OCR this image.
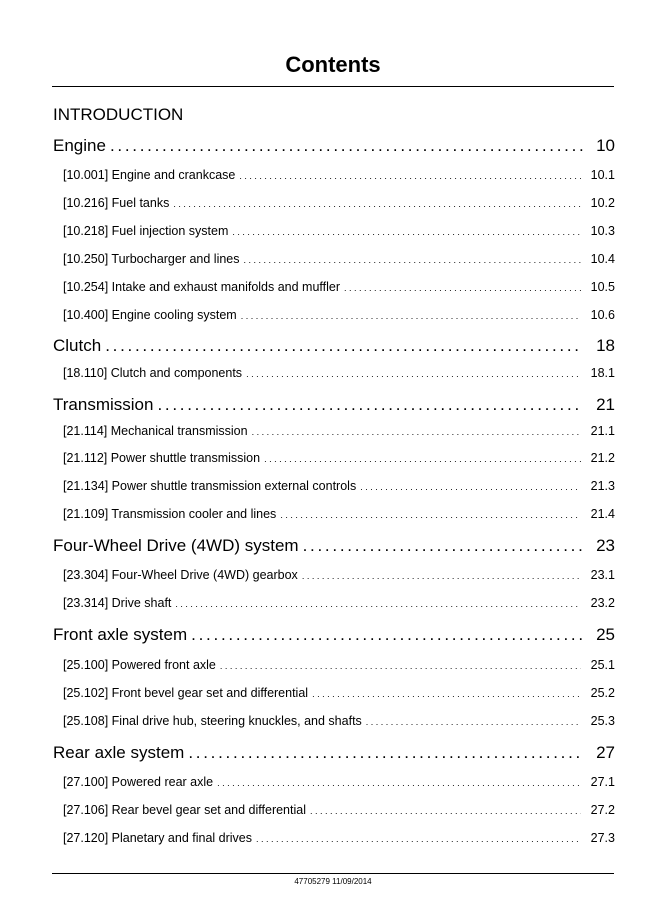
Contents
INTRODUCTION
Engine . . .	10
[10.001] Engine and crankcase . . .	10.1
[10.216] Fuel tanks . . .	10.2
[10.218] Fuel injection system . . .	10.3
[10.250] Turbocharger and lines . . .	10.4
[10.254] Intake and exhaust manifolds and muffler . . .	10.5
[10.400] Engine cooling system . . .	10.6
Clutch . . .	18
[18.110] Clutch and components . . .	18.1
Transmission . . .	21
[21.114] Mechanical transmission . . .	21.1
[21.112] Power shuttle transmission . . .	21.2
[21.134] Power shuttle transmission external controls . . .	21.3
[21.109] Transmission cooler and lines . . .	21.4
Four-Wheel Drive (4WD) system . . .	23
[23.304] Four-Wheel Drive (4WD) gearbox . . .	23.1
[23.314] Drive shaft . . .	23.2
Front axle system . . .	25
[25.100] Powered front axle . . .	25.1
[25.102] Front bevel gear set and differential . . .	25.2
[25.108] Final drive hub, steering knuckles, and shafts . . .	25.3
Rear axle system . . .	27
[27.100] Powered rear axle . . .	27.1
[27.106] Rear bevel gear set and differential . . .	27.2
[27.120] Planetary and final drives . . .	27.3
47705279 11/09/2014
